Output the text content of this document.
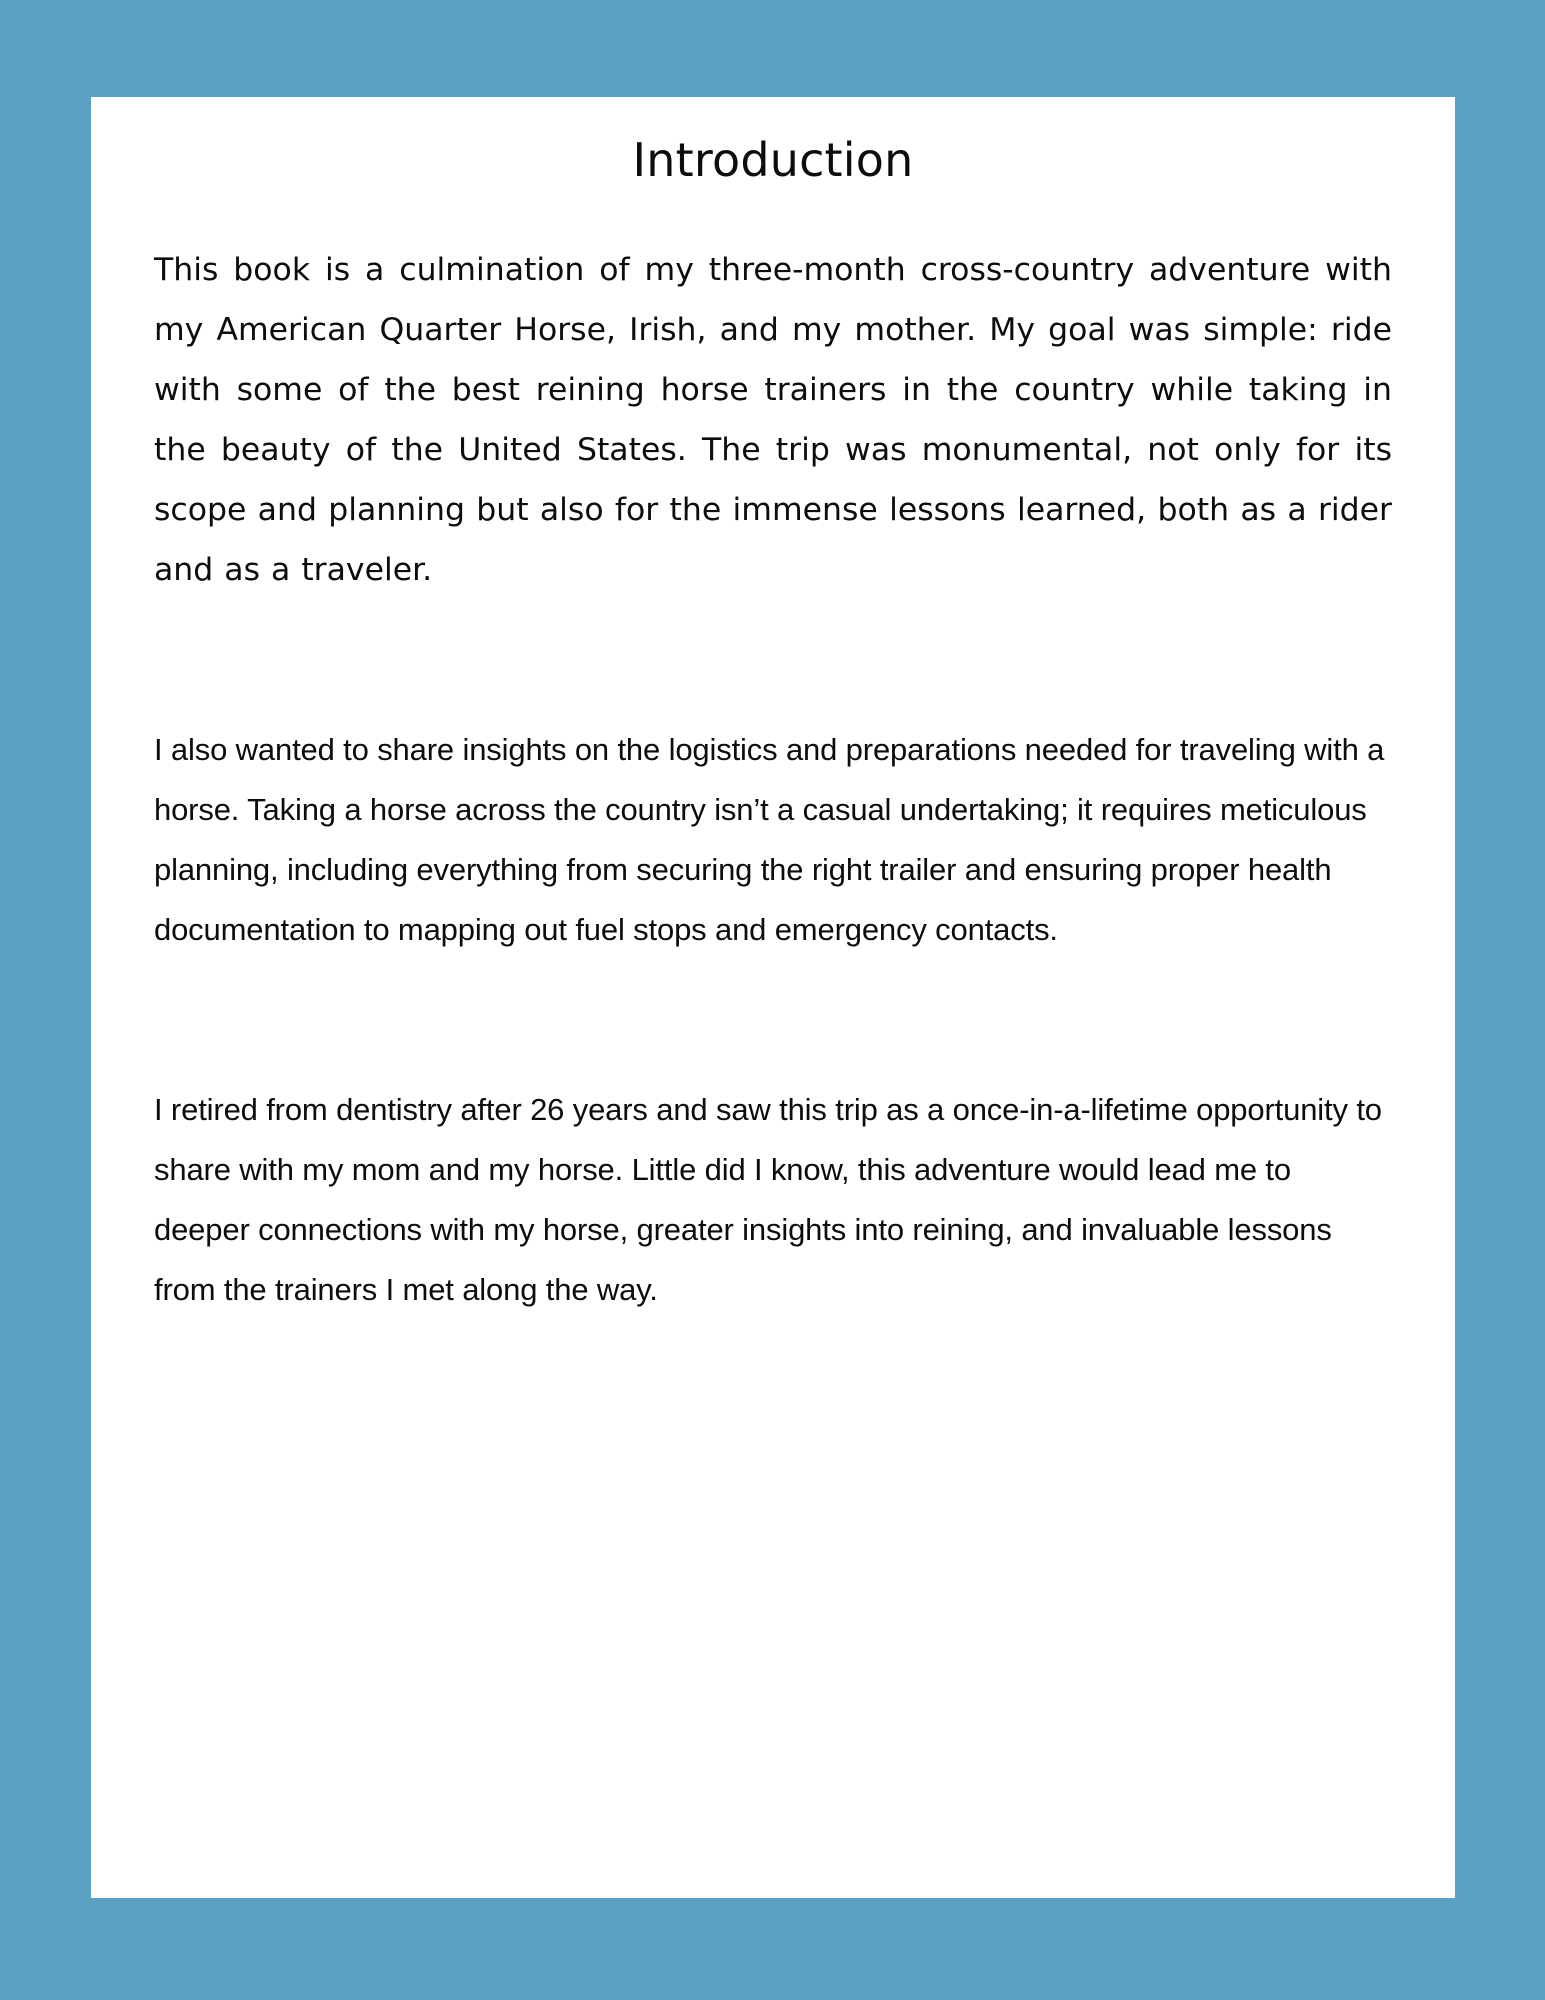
Introduction

This book is a culmination of my three-month cross-country adventure with my American Quarter Horse, Irish, and my mother. My goal was simple: ride with some of the best reining horse trainers in the country while taking in the beauty of the United States. The trip was monumental, not only for its scope and planning but also for the immense lessons learned, both as a rider and as a traveler.

I also wanted to share insights on the logistics and preparations needed for traveling with a horse. Taking a horse across the country isn’t a casual undertaking; it requires meticulous planning, including everything from securing the right trailer and ensuring proper health documentation to mapping out fuel stops and emergency contacts.

I retired from dentistry after 26 years and saw this trip as a once-in-a-lifetime opportunity to share with my mom and my horse. Little did I know, this adventure would lead me to deeper connections with my horse, greater insights into reining, and invaluable lessons from the trainers I met along the way.
